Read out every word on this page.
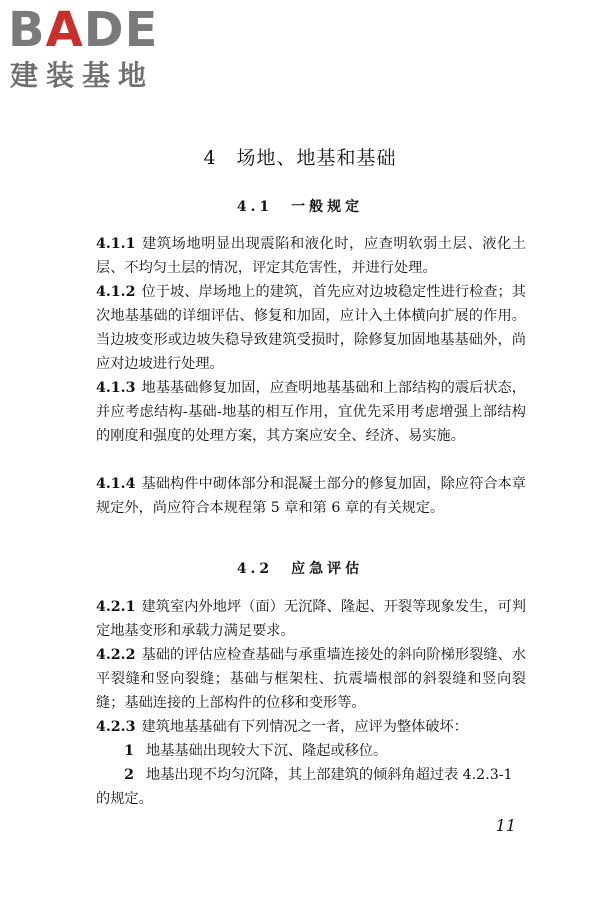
BADE
建装基地
4　场地、地基和基础
4.1　一般规定

4.1.1 建筑场地明显出现震陷和液化时，应查明软弱土层、液化土层、不均匀土层的情况，评定其危害性，并进行处理。

4.1.2 位于坡、岸场地上的建筑，首先应对边坡稳定性进行检查；其次地基基础的详细评估、修复和加固，应计入土体横向扩展的作用。当边坡变形或边坡失稳导致建筑受损时，除修复加固地基基础外，尚应对边坡进行处理。

4.1.3 地基基础修复加固，应查明地基基础和上部结构的震后状态，并应考虑结构-基础-地基的相互作用，宜优先采用考虑增强上部结构的刚度和强度的处理方案，其方案应安全、经济、易实施。

4.1.4 基础构件中砌体部分和混凝土部分的修复加固，除应符合本章规定外，尚应符合本规程第 5 章和第 6 章的有关规定。

4.2　应急评估

4.2.1 建筑室内外地坪（面）无沉降、隆起、开裂等现象发生，可判定地基变形和承载力满足要求。

4.2.2 基础的评估应检查基础与承重墙连接处的斜向阶梯形裂缝、水平裂缝和竖向裂缝；基础与框架柱、抗震墙根部的斜裂缝和竖向裂缝；基础连接的上部构件的位移和变形等。

4.2.3 建筑地基基础有下列情况之一者，应评为整体破坏：

1 地基基础出现较大下沉、隆起或移位。

2 地基出现不均匀沉降，其上部建筑的倾斜角超过表 4.2.3-1 的规定。

11
